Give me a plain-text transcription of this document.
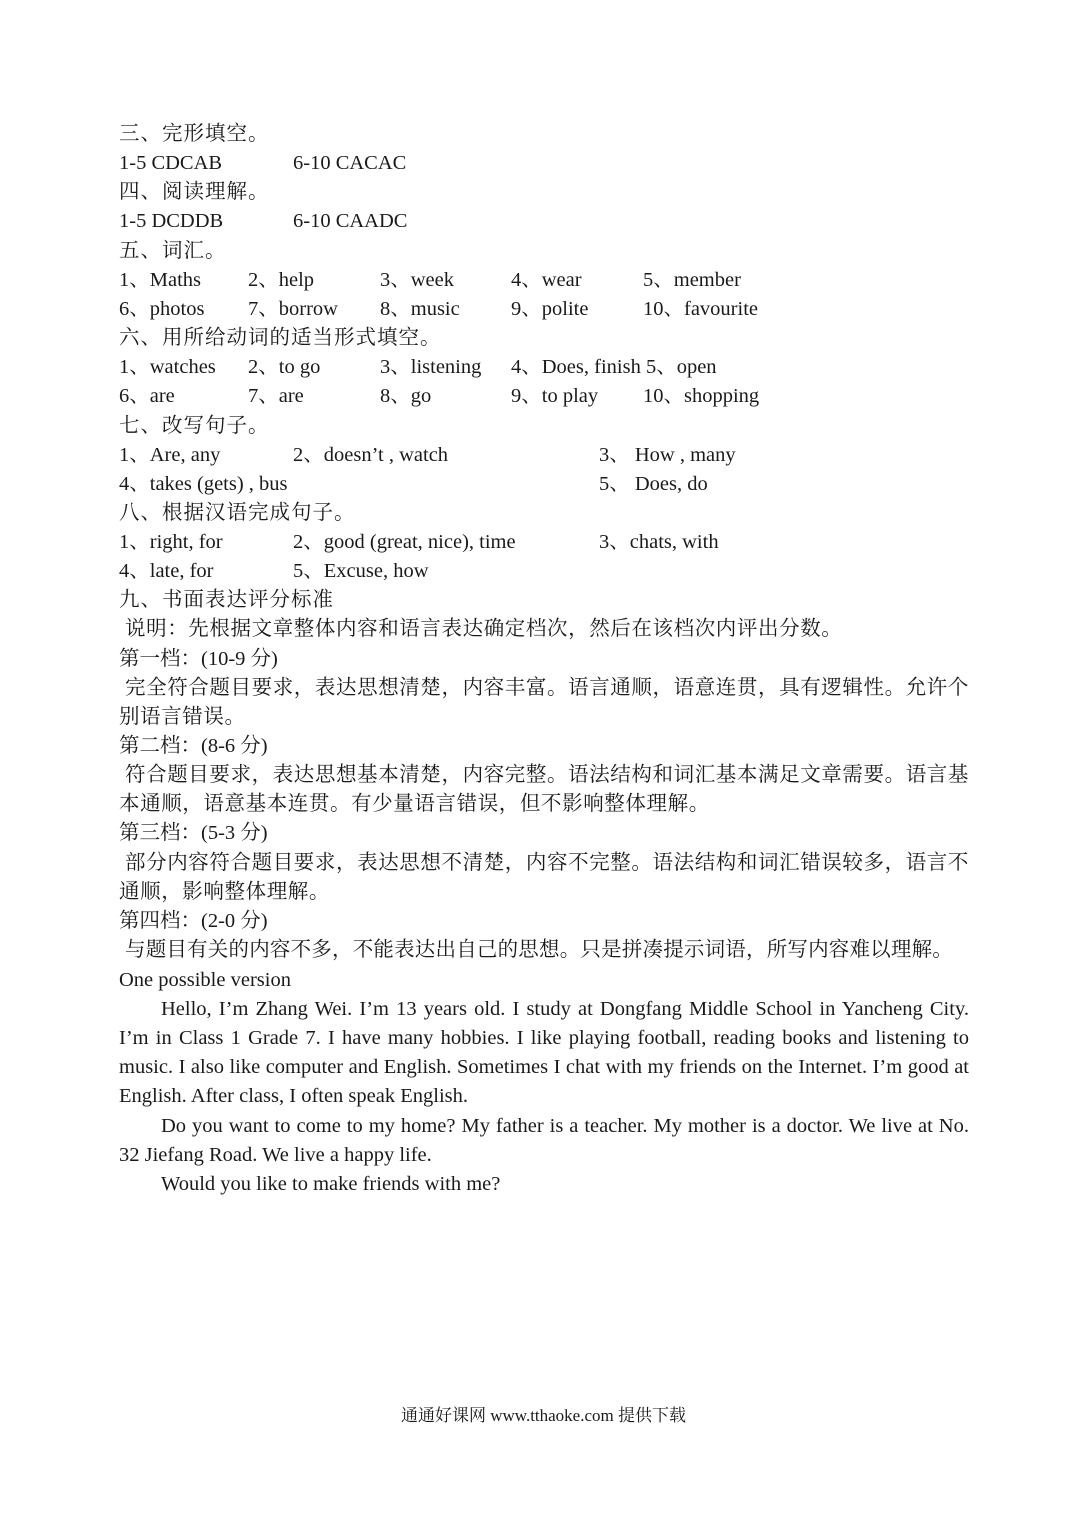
三、完形填空。
1-5 CDCAB	6-10 CACAC
四、阅读理解。
1-5 DCDDB	6-10 CAADC
五、词汇。
1、Maths 2、help	3、week	4、wear	5、member
6、photos 7、borrow 8、music	9、polite	10、favourite
六、用所给动词的适当形式填空。
1、watches 2、to go	3、listening 4、Does, finish 5、open
6、are	7、are	8、go	9、to play 10、shopping
七、改写句子。
1、Are, any	2、doesn’t , watch	3、 How , many
4、takes (gets) , bus	5、 Does, do
八、根据汉语完成句子。
1、right, for	2、good (great, nice), time	3、chats, with
4、late, for	5、Excuse, how
九、书面表达评分标准
说明：先根据文章整体内容和语言表达确定档次，然后在该档次内评出分数。
第一档：(10-9 分)
完全符合题目要求，表达思想清楚，内容丰富。语言通顺，语意连贯，具有逻辑性。允许个别语言错误。
第二档：(8-6 分)
符合题目要求，表达思想基本清楚，内容完整。语法结构和词汇基本满足文章需要。语言基本通顺，语意基本连贯。有少量语言错误，但不影响整体理解。
第三档：(5-3 分)
部分内容符合题目要求，表达思想不清楚，内容不完整。语法结构和词汇错误较多，语言不通顺，影响整体理解。
第四档：(2-0 分)
与题目有关的内容不多，不能表达出自己的思想。只是拼凑提示词语，所写内容难以理解。
One possible version
Hello, I’m Zhang Wei. I’m 13 years old. I study at Dongfang Middle School in Yancheng City. I’m in Class 1 Grade 7. I have many hobbies. I like playing football, reading books and listening to music. I also like computer and English. Sometimes I chat with my friends on the Internet. I’m good at English. After class, I often speak English.
Do you want to come to my home? My father is a teacher. My mother is a doctor. We live at No. 32 Jiefang Road. We live a happy life.
Would you like to make friends with me?
通通好课网 www.tthaoke.com 提供下载
